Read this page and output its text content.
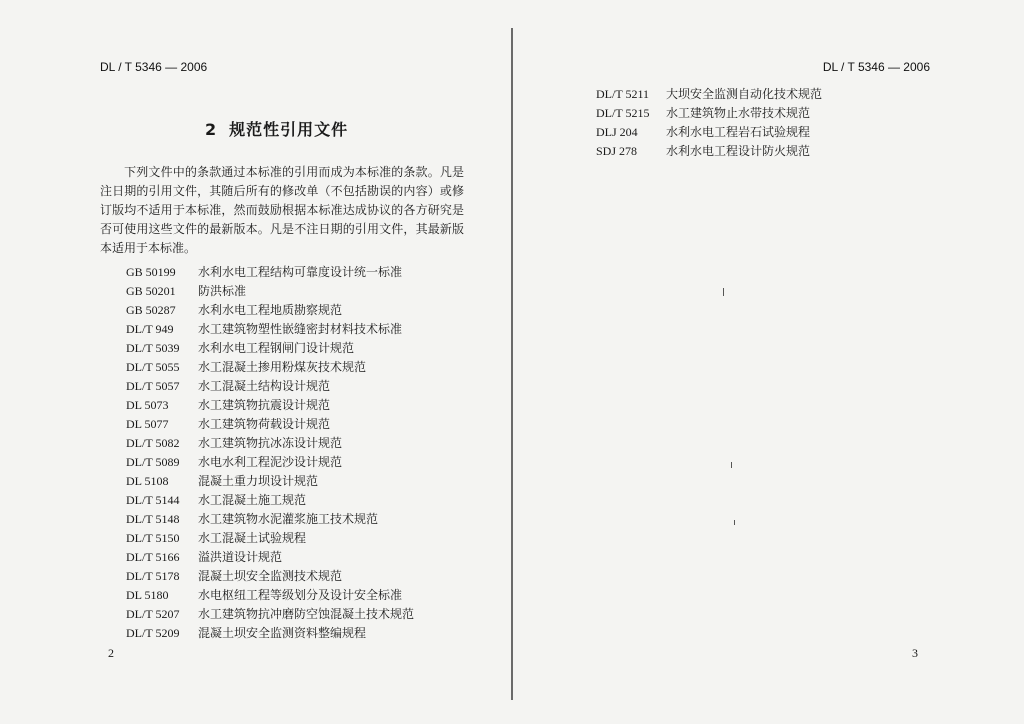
DL / T 5346 — 2006
2 规范性引用文件
下列文件中的条款通过本标准的引用而成为本标准的条款。凡是注日期的引用文件，其随后所有的修改单（不包括勘误的内容）或修订版均不适用于本标准，然而鼓励根据本标准达成协议的各方研究是否可使用这些文件的最新版本。凡是不注日期的引用文件，其最新版本适用于本标准。
GB 50199 水利水电工程结构可靠度设计统一标准
GB 50201 防洪标准
GB 50287 水利水电工程地质勘察规范
DL/T 949 水工建筑物塑性嵌缝密封材料技术标准
DL/T 5039 水利水电工程钢闸门设计规范
DL/T 5055 水工混凝土掺用粉煤灰技术规范
DL/T 5057 水工混凝土结构设计规范
DL 5073 水工建筑物抗震设计规范
DL 5077 水工建筑物荷载设计规范
DL/T 5082 水工建筑物抗冰冻设计规范
DL/T 5089 水电水利工程泥沙设计规范
DL 5108 混凝土重力坝设计规范
DL/T 5144 水工混凝土施工规范
DL/T 5148 水工建筑物水泥灌浆施工技术规范
DL/T 5150 水工混凝土试验规程
DL/T 5166 溢洪道设计规范
DL/T 5178 混凝土坝安全监测技术规范
DL 5180 水电枢纽工程等级划分及设计安全标准
DL/T 5207 水工建筑物抗冲磨防空蚀混凝土技术规范
DL/T 5209 混凝土坝安全监测资料整编规程
2
DL / T 5346 — 2006
DL/T 5211 大坝安全监测自动化技术规范
DL/T 5215 水工建筑物止水带技术规范
DLJ 204 水利水电工程岩石试验规程
SDJ 278 水利水电工程设计防火规范
3
